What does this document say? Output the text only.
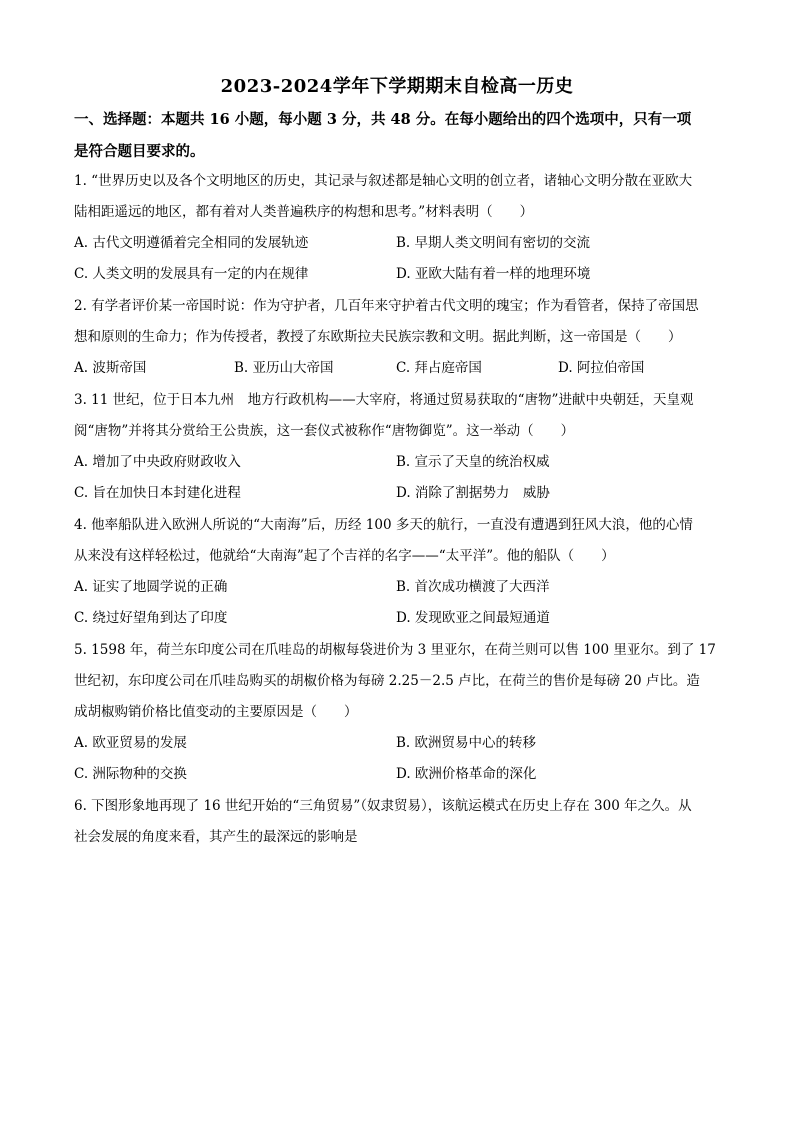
2023-2024学年下学期期末自检高一历史
一、选择题：本题共 16 小题，每小题 3 分，共 48 分。在每小题给出的四个选项中，只有一项
是符合题目要求的。
1. “世界历史以及各个文明地区的历史，其记录与叙述都是轴心文明的创立者，诸轴心文明分散在亚欧大
陆相距遥远的地区，都有着对人类普遍秩序的构想和思考。”材料表明（　　）
A. 古代文明遵循着完全相同的发展轨迹	B. 早期人类文明间有密切的交流
C. 人类文明的发展具有一定的内在规律	D. 亚欧大陆有着一样的地理环境
2. 有学者评价某一帝国时说：作为守护者，几百年来守护着古代文明的瑰宝；作为看管者，保持了帝国思
想和原则的生命力；作为传授者，教授了东欧斯拉夫民族宗教和文明。据此判断，这一帝国是（　　）
A. 波斯帝国	B. 亚历山大帝国	C. 拜占庭帝国	D. 阿拉伯帝国
3. 11 世纪，位于日本九州　地方行政机构——大宰府，将通过贸易获取的“唐物”进献中央朝廷，天皇观
阅“唐物”并将其分赏给王公贵族，这一套仪式被称作“唐物御览”。这一举动（　　）
A. 增加了中央政府财政收入	B. 宣示了天皇的统治权威
C. 旨在加快日本封建化进程	D. 消除了割据势力　威胁
4. 他率船队进入欧洲人所说的“大南海”后，历经 100 多天的航行，一直没有遭遇到狂风大浪，他的心情
从来没有这样轻松过，他就给“大南海”起了个吉祥的名字——“太平洋”。他的船队（　　）
A. 证实了地圆学说的正确	B. 首次成功横渡了大西洋
C. 绕过好望角到达了印度	D. 发现欧亚之间最短通道
5. 1598 年，荷兰东印度公司在爪哇岛的胡椒每袋进价为 3 里亚尔，在荷兰则可以售 100 里亚尔。到了 17
世纪初，东印度公司在爪哇岛购买的胡椒价格为每磅 2.25－2.5 卢比，在荷兰的售价是每磅 20 卢比。造
成胡椒购销价格比值变动的主要原因是（　　）
A. 欧亚贸易的发展	B. 欧洲贸易中心的转移
C. 洲际物种的交换	D. 欧洲价格革命的深化
6. 下图形象地再现了 16 世纪开始的“三角贸易”（奴隶贸易），该航运模式在历史上存在 300 年之久。从
社会发展的角度来看，其产生的最深远的影响是
